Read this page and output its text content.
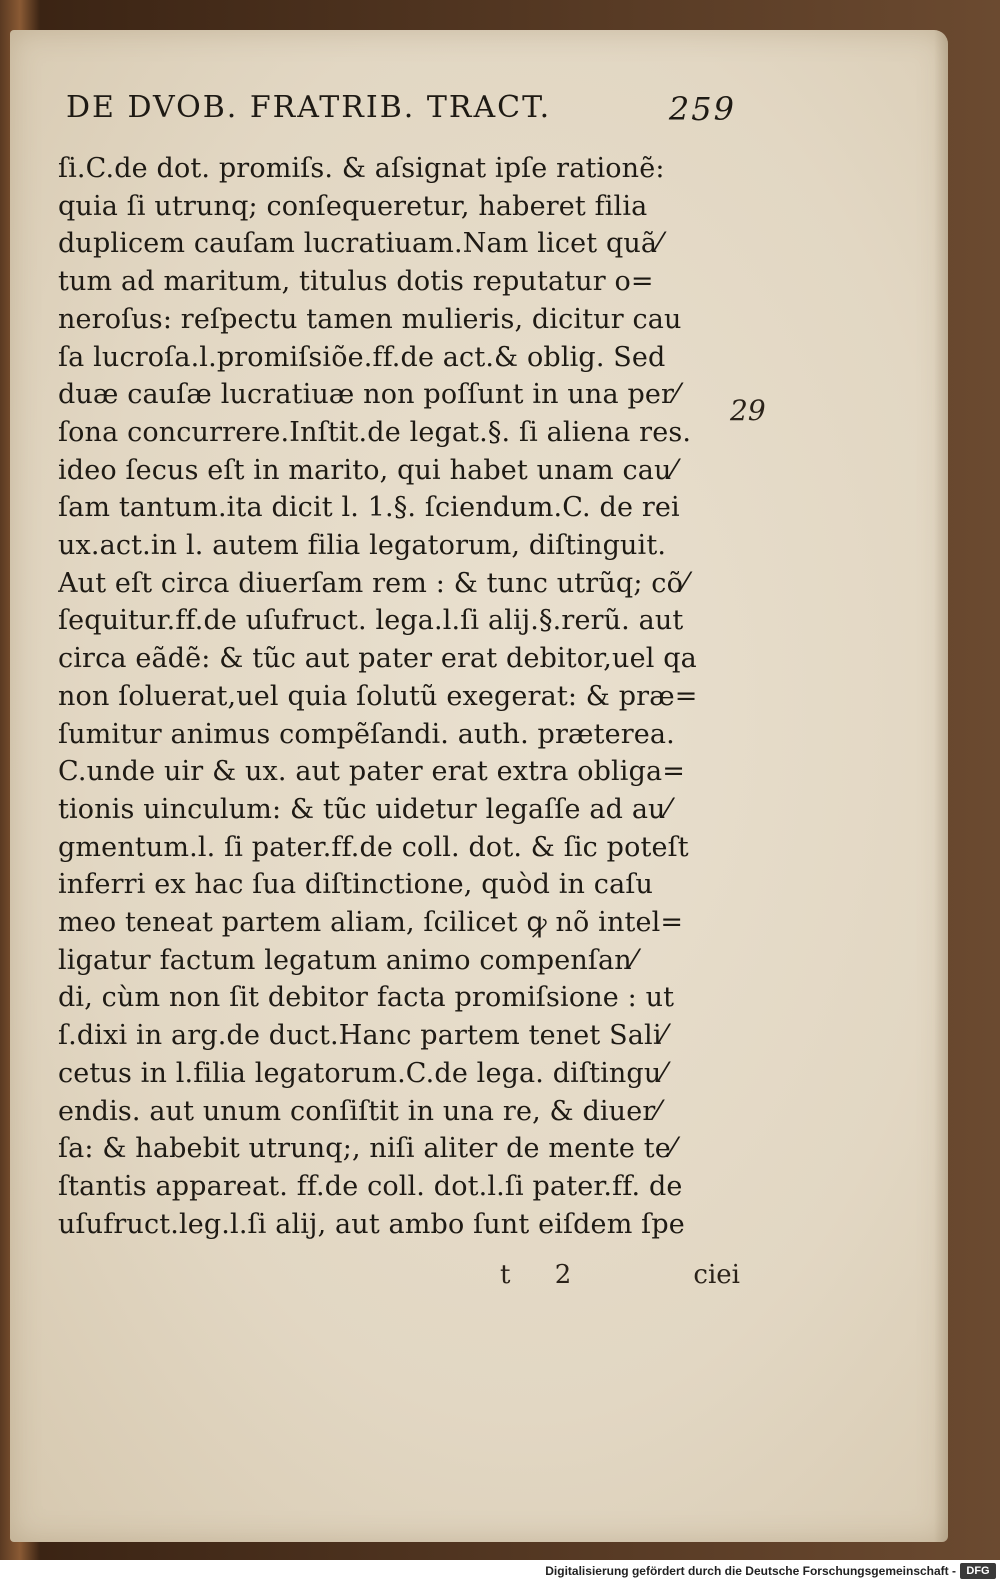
DE DVOB. FRATRIB. TRACT.	259
ſi.C.de dot. promiſs. & aſsignat ipſe rationẽ:
quia ſi utrunq; conſequeretur, haberet filia
duplicem cauſam lucratiuam.Nam licet quã⁄
tum ad maritum, titulus dotis reputatur o=
neroſus: reſpectu tamen mulieris, dicitur cau
ſa lucroſa.l.promiſsiõe.ff.de act.& oblig. Sed
duæ cauſæ lucratiuæ non poſſunt in una per⁄
ſona concurrere.Inſtit.de legat.§. ſi aliena res.
ideo ſecus eſt in marito, qui habet unam cau⁄
ſam tantum.ita dicit l. 1.§. ſciendum.C. de rei
ux.act.in l. autem filia legatorum, diſtinguit.
Aut eſt circa diuerſam rem : & tunc utrũq; cõ⁄
ſequitur.ff.de uſufruct. lega.l.ſi alij.§.rerũ. aut
circa eãdẽ: & tũc aut pater erat debitor,uel qa
non ſoluerat,uel quia ſolutũ exegerat: & præ=
ſumitur animus compẽſandi. auth. præterea.
C.unde uir & ux. aut pater erat extra obliga=
tionis uinculum: & tũc uidetur legaſſe ad au⁄
gmentum.l. ſi pater.ff.de coll. dot. & ſic poteſt
inferri ex hac ſua diſtinctione, quòd in caſu
meo teneat partem aliam, ſcilicet ꝙ nõ intel=
ligatur factum legatum animo compenſan⁄
di, cùm non ſit debitor facta promiſsione : ut
ſ.dixi in arg.de duct.Hanc partem tenet Sali⁄
cetus in l.filia legatorum.C.de lega. diſtingu⁄
endis. aut unum conſiſtit in una re, & diuer⁄
ſa: & habebit utrunq;, niſi aliter de mente te⁄
ſtantis appareat. ff.de coll. dot.l.ſi pater.ff. de
uſufruct.leg.l.ſi alij, aut ambo ſunt eiſdem ſpe
29
t 2	ciei
Digitalisierung gefördert durch die Deutsche Forschungsgemeinschaft - DFG
